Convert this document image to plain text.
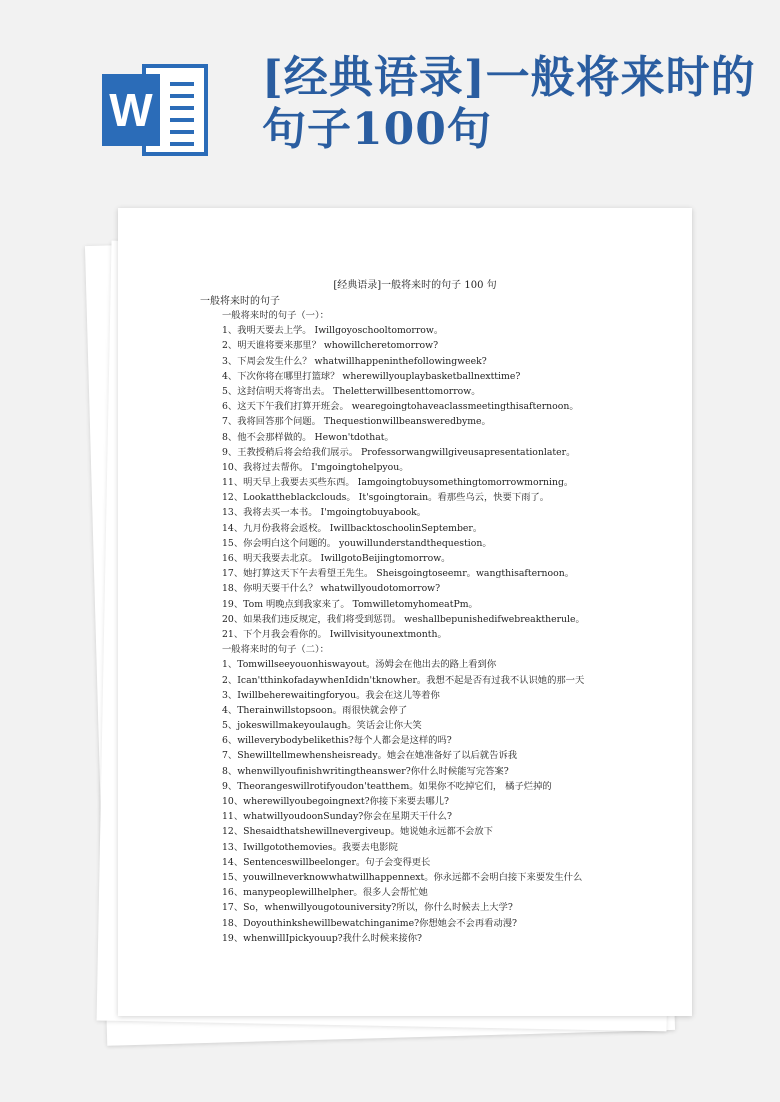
W
[经典语录]一般将来时的句子100句
[经典语录]一般将来时的句子 100 句
一般将来时的句子
一般将来时的句子（一）：
1、我明天要去上学。 Iwillgoyoschooltomorrow。
2、明天谁将要来那里？ whowillcheretomorrow?
3、下周会发生什么？ whatwillhappeninthefollowingweek?
4、下次你将在哪里打篮球？ wherewillyouplaybasketballnexttime?
5、这封信明天将寄出去。 Theletterwillbesenttomorrow。
6、这天下午我们打算开班会。 wearegoingtohaveaclassmeetingthisafternoon。
7、我将回答那个问题。 Thequestionwillbeansweredbyme。
8、他不会那样做的。 Hewon'tdothat。
9、王教授稍后将会给我们展示。 Professorwangwillgiveusapresentationlater。
10、我将过去帮你。 I'mgoingtohelpyou。
11、明天早上我要去买些东西。 Iamgoingtobuysomethingtomorrowmorning。
12、Lookattheblackclouds。 It'sgoingtorain。看那些乌云，快要下雨了。
13、我将去买一本书。 I'mgoingtobuyabook。
14、九月份我将会返校。 IwillbacktoschoolinSeptember。
15、你会明白这个问题的。 youwillunderstandthequestion。
16、明天我要去北京。 IwillgotoBeijingtomorrow。
17、她打算这天下午去看望王先生。 Sheisgoingtoseemr。wangthisafternoon。
18、你明天要干什么？ whatwillyoudotomorrow?
19、Tom 明晚点到我家来了。 TomwilletomyhomeatPm。
20、如果我们违反规定，我们将受到惩罚。 weshallbepunishedifwebreaktherule。
21、下个月我会看你的。 Iwillvisityounextmonth。
一般将来时的句子（二）：
1、Tomwillseeyouonhiswayout。汤姆会在他出去的路上看到你
2、Ican'tthinkofadaywhenIdidn'tknowher。我想不起是否有过我不认识她的那一天
3、Iwillbeherewaitingforyou。我会在这儿等着你
4、Therainwillstopsoon。雨很快就会停了
5、jokeswillmakeyoulaugh。笑话会让你大笑
6、willeverybodybelikethis?每个人都会是这样的吗?
7、Shewilltellmewhensheisready。她会在她准备好了以后就告诉我
8、whenwillyoufinishwritingtheanswer?你什么时候能写完答案?
9、Theorangeswillrotifyoudon'teatthem。如果你不吃掉它们， 橘子烂掉的
10、wherewillyoubegoingnext?你接下来要去哪儿?
11、whatwillyoudoonSunday?你会在星期天干什么?
12、Shesaidthatshewillnevergiveup。她说她永远都不会放下
13、Iwillgotothemovies。我要去电影院
14、Sentenceswillbeelonger。句子会变得更长
15、youwillneverknowwhatwillhappennext。你永远都不会明白接下来要发生什么
16、manypeoplewillhelpher。很多人会帮忙她
17、So，whenwillyougotouniversity?所以，你什么时候去上大学?
18、Doyouthinkshewillbewatchinganime?你想她会不会再看动漫?
19、whenwillIpickyouup?我什么时候来接你?
